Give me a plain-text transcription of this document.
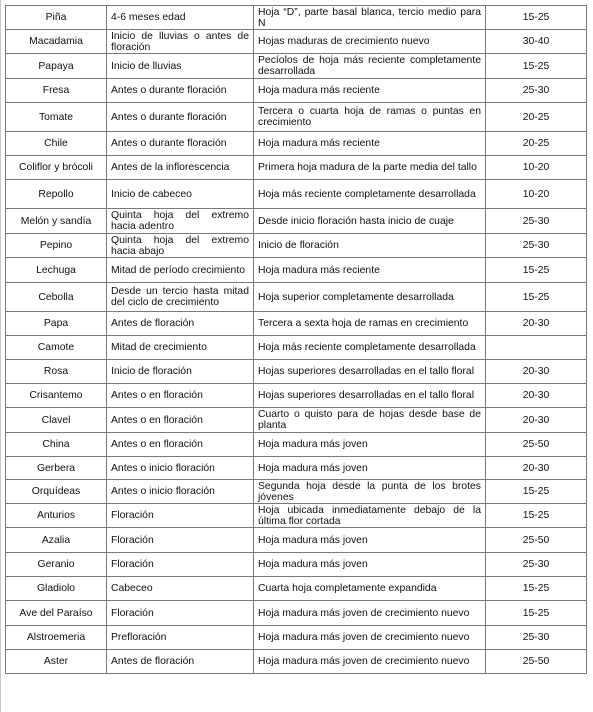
Piña	4-6 meses edad	Hoja “D”, parte basal blanca, tercio medio para N	15-25
Macadamia	Inicio de lluvias o antes de floración	Hojas maduras de crecimiento nuevo	30-40
Papaya	Inicio de lluvias	Pecíolos de hoja más reciente completamente desarrollada	15-25
Fresa	Antes o durante floración	Hoja madura más reciente	25-30
Tomate	Antes o durante floración	Tercera o cuarta hoja de ramas o puntas en crecimiento	20-25
Chile	Antes o durante floración	Hoja madura más reciente	20-25
Coliflor y brócoli	Antes de la inflorescencia	Primera hoja madura de la parte media del tallo	10-20
Repollo	Inicio de cabeceo	Hoja más reciente completamente desarrollada	10-20
Melón y sandía	Quinta hoja del extremo hacia adentro	Desde inicio floración hasta inicio de cuaje	25-30
Pepino	Quinta hoja del extremo hacia abajo	Inicio de floración	25-30
Lechuga	Mitad de período crecimiento	Hoja madura más reciente	15-25
Cebolla	Desde un tercio hasta mitad del ciclo de crecimiento	Hoja superior completamente desarrollada	15-25
Papa	Antes de floración	Tercera a sexta hoja de ramas en crecimiento	20-30
Camote	Mitad de crecimiento	Hoja más reciente completamente desarrollada	
Rosa	Inicio de floración	Hojas superiores desarrolladas en el tallo floral	20-30
Crisantemo	Antes o en floración	Hojas superiores desarrolladas en el tallo floral	20-30
Clavel	Antes o en floración	Cuarto o quisto para de hojas desde base de planta	20-30
China	Antes o en floración	Hoja madura más joven	25-50
Gerbera	Antes o inicio floración	Hoja madura más joven	20-30
Orquídeas	Antes o inicio floración	Segunda hoja desde la punta de los brotes jóvenes	15-25
Anturios	Floración	Hoja ubicada inmediatamente debajo de la última flor cortada	15-25
Azalia	Floración	Hoja madura más joven	25-50
Geranio	Floración	Hoja madura más joven	25-30
Gladiolo	Cabeceo	Cuarta hoja completamente expandida	15-25
Ave del Paraíso	Floración	Hoja madura más joven de crecimiento nuevo	15-25
Alstroemeria	Prefloración	Hoja madura más joven de crecimiento nuevo	25-30
Aster	Antes de floración	Hoja madura más joven de crecimiento nuevo	25-50
